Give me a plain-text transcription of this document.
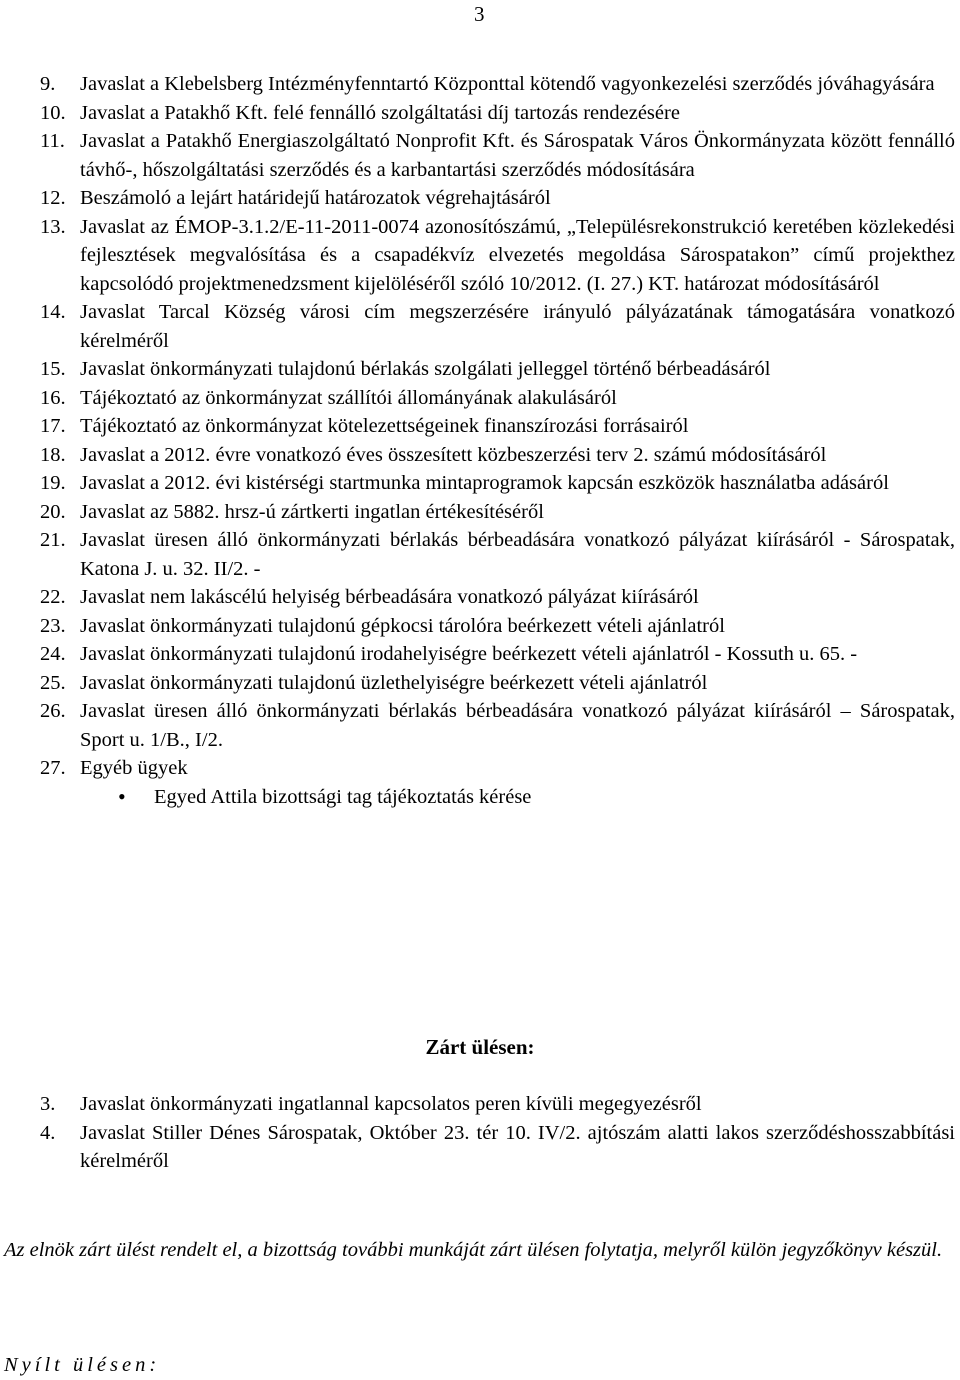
3
9.	Javaslat a Klebelsberg Intézményfenntartó Központtal kötendő vagyonkezelési szerződés jóváhagyására
10. Javaslat a Patakhő Kft. felé fennálló szolgáltatási díj tartozás rendezésére
11. Javaslat a Patakhő Energiaszolgáltató Nonprofit Kft. és Sárospatak Város Önkormányzata között fennálló távhő-, hőszolgáltatási szerződés és a karbantartási szerződés módosítására
12. Beszámoló a lejárt határidejű határozatok végrehajtásáról
13. Javaslat az ÉMOP-3.1.2/E-11-2011-0074 azonosítószámú, „Településrekonstrukció keretében közlekedési fejlesztések megvalósítása és a csapadékvíz elvezetés megoldása Sárospatakon” című projekthez kapcsolódó projektmenedzsment kijelöléséről szóló 10/2012. (I. 27.) KT. határozat módosításáról
14. Javaslat Tarcal Község városi cím megszerzésére irányuló pályázatának támogatására vonatkozó kérelméről
15. Javaslat önkormányzati tulajdonú bérlakás szolgálati jelleggel történő bérbeadásáról
16. Tájékoztató az önkormányzat szállítói állományának alakulásáról
17. Tájékoztató az önkormányzat kötelezettségeinek finanszírozási forrásairól
18. Javaslat a 2012. évre vonatkozó éves összesített közbeszerzési terv 2. számú módosításáról
19. Javaslat a 2012. évi kistérségi startmunka mintaprogramok kapcsán eszközök használatba adásáról
20. Javaslat az 5882. hrsz-ú zártkerti ingatlan értékesítéséről
21. Javaslat üresen álló önkormányzati bérlakás bérbeadására vonatkozó pályázat kiírásáról - Sárospatak, Katona J. u. 32. II/2. -
22. Javaslat nem lakáscélú helyiség bérbeadására vonatkozó pályázat kiírásáról
23. Javaslat önkormányzati tulajdonú gépkocsi tárolóra beérkezett vételi ajánlatról
24. Javaslat önkormányzati tulajdonú irodahelyiségre beérkezett vételi ajánlatról - Kossuth u. 65. -
25. Javaslat önkormányzati tulajdonú üzlethelyiségre beérkezett vételi ajánlatról
26. Javaslat üresen álló önkormányzati bérlakás bérbeadására vonatkozó pályázat kiírásáról – Sárospatak, Sport u. 1/B., I/2.
27. Egyéb ügyek
•	Egyed Attila bizottsági tag tájékoztatás kérése
Zárt ülésen:
3.	Javaslat önkormányzati ingatlannal kapcsolatos peren kívüli megegyezésről
4.	Javaslat Stiller Dénes Sárospatak, Október 23. tér 10. IV/2. ajtószám alatti lakos szerződéshosszabbítási kérelméről
Az elnök zárt ülést rendelt el, a bizottság további munkáját zárt ülésen folytatja, melyről külön jegyzőkönyv készül.
Nyílt ülésen:
